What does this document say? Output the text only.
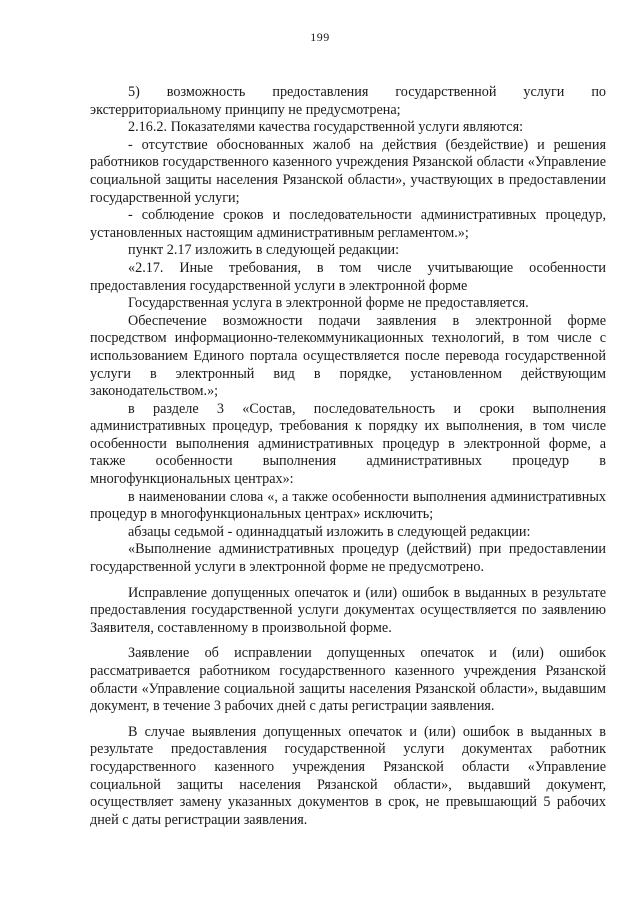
199

5) возможность предоставления государственной услуги по экстерриториальному принципу не предусмотрена;

2.16.2. Показателями качества государственной услуги являются:

- отсутствие обоснованных жалоб на действия (бездействие) и решения работников государственного казенного учреждения Рязанской области «Управление социальной защиты населения Рязанской области», участвующих в предоставлении государственной услуги;

- соблюдение сроков и последовательности административных процедур, установленных настоящим административным регламентом.»;

пункт 2.17 изложить в следующей редакции:

«2.17. Иные требования, в том числе учитывающие особенности предоставления государственной услуги в электронной форме

Государственная услуга в электронной форме не предоставляется.

Обеспечение возможности подачи заявления в электронной форме посредством информационно-телекоммуникационных технологий, в том числе с использованием Единого портала осуществляется после перевода государственной услуги в электронный вид в порядке, установленном действующим законодательством.»;

в разделе 3 «Состав, последовательность и сроки выполнения административных процедур, требования к порядку их выполнения, в том числе особенности выполнения административных процедур в электронной форме, а также особенности выполнения административных процедур в многофункциональных центрах»:

в наименовании слова «, а также особенности выполнения административных процедур в многофункциональных центрах» исключить;

абзацы седьмой - одиннадцатый изложить в следующей редакции:

«Выполнение административных процедур (действий) при предоставлении государственной услуги в электронной форме не предусмотрено.

Исправление допущенных опечаток и (или) ошибок в выданных в результате предоставления государственной услуги документах осуществляется по заявлению Заявителя, составленному в произвольной форме.

Заявление об исправлении допущенных опечаток и (или) ошибок рассматривается работником государственного казенного учреждения Рязанской области «Управление социальной защиты населения Рязанской области», выдавшим документ, в течение 3 рабочих дней с даты регистрации заявления.

В случае выявления допущенных опечаток и (или) ошибок в выданных в результате предоставления государственной услуги документах работник государственного казенного учреждения Рязанской области «Управление социальной защиты населения Рязанской области», выдавший документ, осуществляет замену указанных документов в срок, не превышающий 5 рабочих дней с даты регистрации заявления.
